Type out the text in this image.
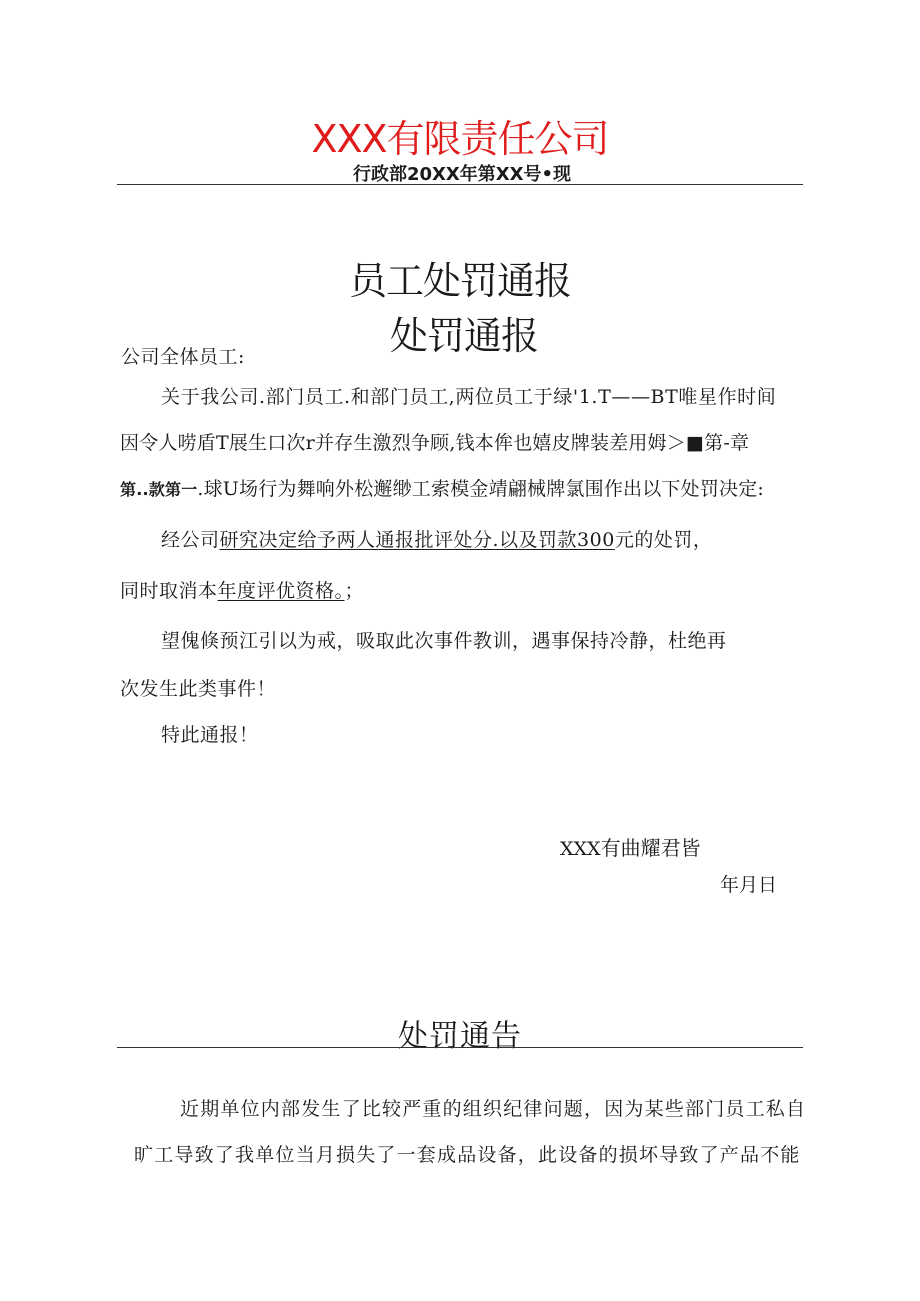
XXX有限责任公司
行政部20XX年第XX号•现
员工处罚通报
处罚通报
公司全体员工:
关于我公司.部门员工.和部门员工,两位员工于绿'1.T——BT唯星作时间
因令人唠盾T展生口次r并存生激烈争顾,钱本侔也嬉皮牌装差用姆＞■第-章
第..款第一.球U场行为舞响外松邂缈工索模金靖翩械牌氯围作出以下处罚决定:
经公司研究决定给予两人通报批评处分.以及罚款300元的处罚，
同时取消本年度评优资格。；
望傀倏预江引以为戒，吸取此次事件教训，遇事保持冷静，杜绝再
次发生此类事件！
特此通报！
XXX有曲耀君皆
年月日
处罚通告
近期单位内部发生了比较严重的组织纪律问题，因为某些部门员工私自
旷工导致了我单位当月损失了一套成品设备，此设备的损坏导致了产品不能
